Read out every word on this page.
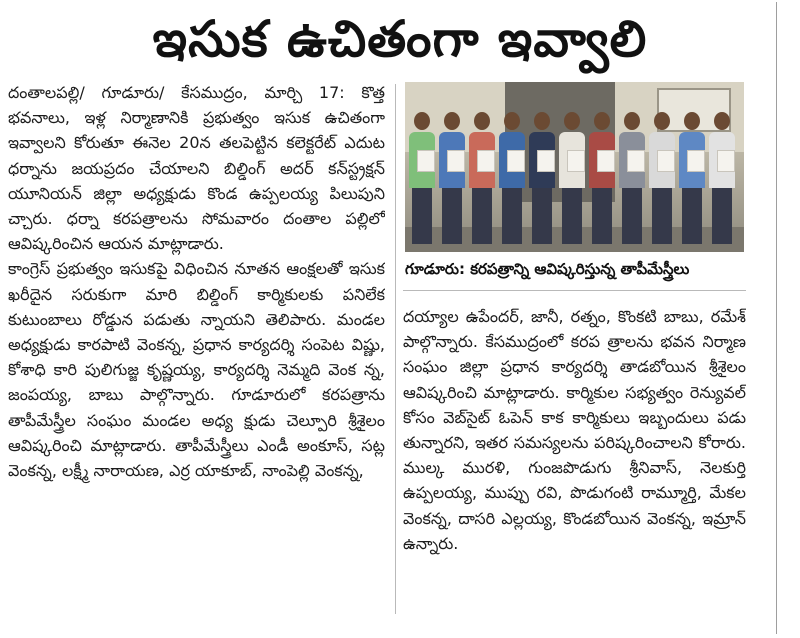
ఇసుక ఉచితంగా ఇవ్వాలి

దంతాలపల్లి/ గూడూరు/ కేసముద్రం, మార్చి 17: కొత్త భవనాలు, ఇళ్ల నిర్మాణానికి ప్రభుత్వం ఇసుక ఉచితంగా ఇవ్వాలని కోరుతూ ఈనెల 20న తలపెట్టిన కలెక్టరేట్ ఎదుట ధర్నాను జయప్రదం చేయాలని బిల్డింగ్ అదర్ కన్‌స్ట్రక్షన్ యూనియన్ జిల్లా అధ్యక్షుడు కొండ ఉప్పలయ్య పిలుపుని చ్చారు. ధర్నా కరపత్రాలను సోమవారం దంతాల పల్లిలో ఆవిష్కరించిన ఆయన మాట్లాడారు.

కాంగ్రెస్ ప్రభుత్వం ఇసుకపై విధించిన నూతన ఆంక్షలతో ఇసుక ఖరీదైన సరుకుగా మారి బిల్డింగ్ కార్మికులకు పనిలేక కుటుంబాలు రోడ్డున పడుతు న్నాయని తెలిపారు. మండల అధ్యక్షుడు కారపాటి వెంకన్న, ప్రధాన కార్యదర్శి సంపెట విష్ణు, కోశాధి కారి పులిగుజ్జ కృష్ణయ్య, కార్యదర్శి నెమ్మది వెంక న్న, జంపయ్య, బాబు పాల్గొన్నారు. గూడూరులో కరపత్రాను తాపీమేస్త్రీల సంఘం మండల అధ్య క్షుడు చెల్పూరి శ్రీశైలం ఆవిష్కరించి మాట్లాడారు. తాపీమేస్త్రీలు ఎండీ అంకూస్, సట్ల వెంకన్న, లక్ష్మీ నారాయణ, ఎర్ర యాకూబ్, నాంపెల్లి వెంకన్న,

గూడూరు: కరపత్రాన్ని ఆవిష్కరిస్తున్న తాపీమేస్త్రీలు

దయ్యాల ఉపేందర్, జానీ, రత్నం, కొంకటి బాబు, రమేశ్ పాల్గొన్నారు. కేసముద్రంలో కరప త్రాలను భవన నిర్మాణ సంఘం జిల్లా ప్రధాన కార్యదర్శి తాడబోయిన శ్రీశైలం ఆవిష్కరించి మాట్లాడారు. కార్మికుల సభ్యత్వం రెన్యువల్ కోసం వెబ్‌సైట్ ఓపెన్ కాక కార్మికులు ఇబ్బందులు పడు తున్నారని, ఇతర సమస్యలను పరిష్కరించాలని కోరారు. ముల్క మురళి, గుంజపొడుగు శ్రీనివాస్, నెలకుర్తి ఉప్పలయ్య, ముప్పు రవి, పొడుగంటి రామ్మూర్తి, మేకల వెంకన్న, దాసరి ఎల్లయ్య, కొండబోయిన వెంకన్న, ఇమ్రాన్ ఉన్నారు.
